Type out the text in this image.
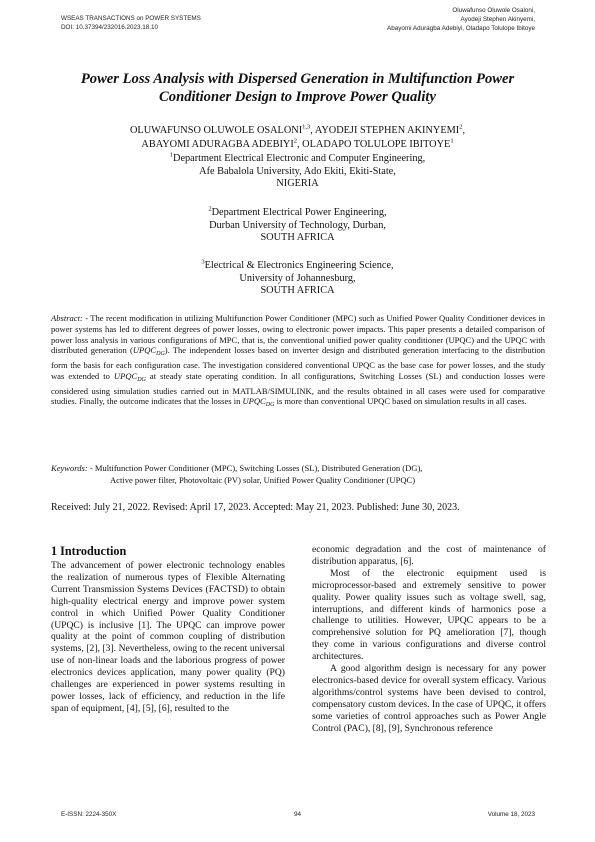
WSEAS TRANSACTIONS on POWER SYSTEMS
DOI: 10.37394/232016.2023.18.10
Oluwafunso Oluwole Osaloni,
Ayodeji Stephen Akinyemi,
Abayomi Aduragba Adebiyi, Oladapo Tolulope Ibitoye
Power Loss Analysis with Dispersed Generation in Multifunction Power
Conditioner Design to Improve Power Quality
OLUWAFUNSO OLUWOLE OSALONI$^{1,3}$, AYODEJI STEPHEN AKINYEMI$^2$,
ABAYOMI ADURAGBA ADEBIYI$^2$, OLADAPO TOLULOPE IBITOYE$^1$
$^1$Department Electrical Electronic and Computer Engineering,
Afe Babalola University, Ado Ekiti, Ekiti-State,
NIGERIA
$^2$Department Electrical Power Engineering,
Durban University of Technology, Durban,
SOUTH AFRICA
$^3$Electrical & Electronics Engineering Science,
University of Johannesburg,
SOUTH AFRICA
Abstract: - The recent modification in utilizing Multifunction Power Conditioner (MPC) such as Unified Power Quality Conditioner devices in power systems has led to different degrees of power losses, owing to electronic power impacts. This paper presents a detailed comparison of power loss analysis in various configurations of MPC, that is, the conventional unified power quality conditioner (UPQC) and the UPQC with distributed generation $(UPQC_{DG})$. The independent losses based on inverter design and distributed generation interfacing to the distribution form the basis for each configuration case. The investigation considered conventional UPQC as the base case for power losses, and the study was extended to $UPQC_{DG}$ at steady state operating condition. In all configurations, Switching Losses (SL) and conduction losses were considered using simulation studies carried out in MATLAB/SIMULINK, and the results obtained in all cases were used for comparative studies. Finally, the outcome indicates that the losses in $UPQC_{DG}$ is more than conventional UPQC based on simulation results in all cases.
Keywords: - Multifunction Power Conditioner (MPC), Switching Losses (SL), Distributed Generation (DG),
Active power filter, Photovoltaic (PV) solar, Unified Power Quality Conditioner (UPQC)
Received: July 21, 2022. Revised: April 17, 2023. Accepted: May 21, 2023. Published: June 30, 2023.
1 Introduction

The advancement of power electronic technology enables the realization of numerous types of Flexible Alternating Current Transmission Systems Devices (FACTSD) to obtain high-quality electrical energy and improve power system control in which Unified Power Quality Conditioner (UPQC) is inclusive [1]. The UPQC can improve power quality at the point of common coupling of distribution systems, [2], [3]. Nevertheless, owing to the recent universal use of non-linear loads and the laborious progress of power electronics devices application, many power quality (PQ) challenges are experienced in power systems resulting in power losses, lack of efficiency, and reduction in the life span of equipment, [4], [5], [6], resulted to the

economic degradation and the cost of maintenance of distribution apparatus, [6].

Most of the electronic equipment used is microprocessor-based and extremely sensitive to power quality. Power quality issues such as voltage swell, sag, interruptions, and different kinds of harmonics pose a challenge to utilities. However, UPQC appears to be a comprehensive solution for PQ amelioration [7], though they come in various configurations and diverse control architectures.

A good algorithm design is necessary for any power electronics-based device for overall system efficacy. Various algorithms/control systems have been devised to control, compensatory custom devices. In the case of UPQC, it offers some varieties of control approaches such as Power Angle Control (PAC), [8], [9], Synchronous reference

E-ISSN: 2224-350X	94	Volume 18, 2023
